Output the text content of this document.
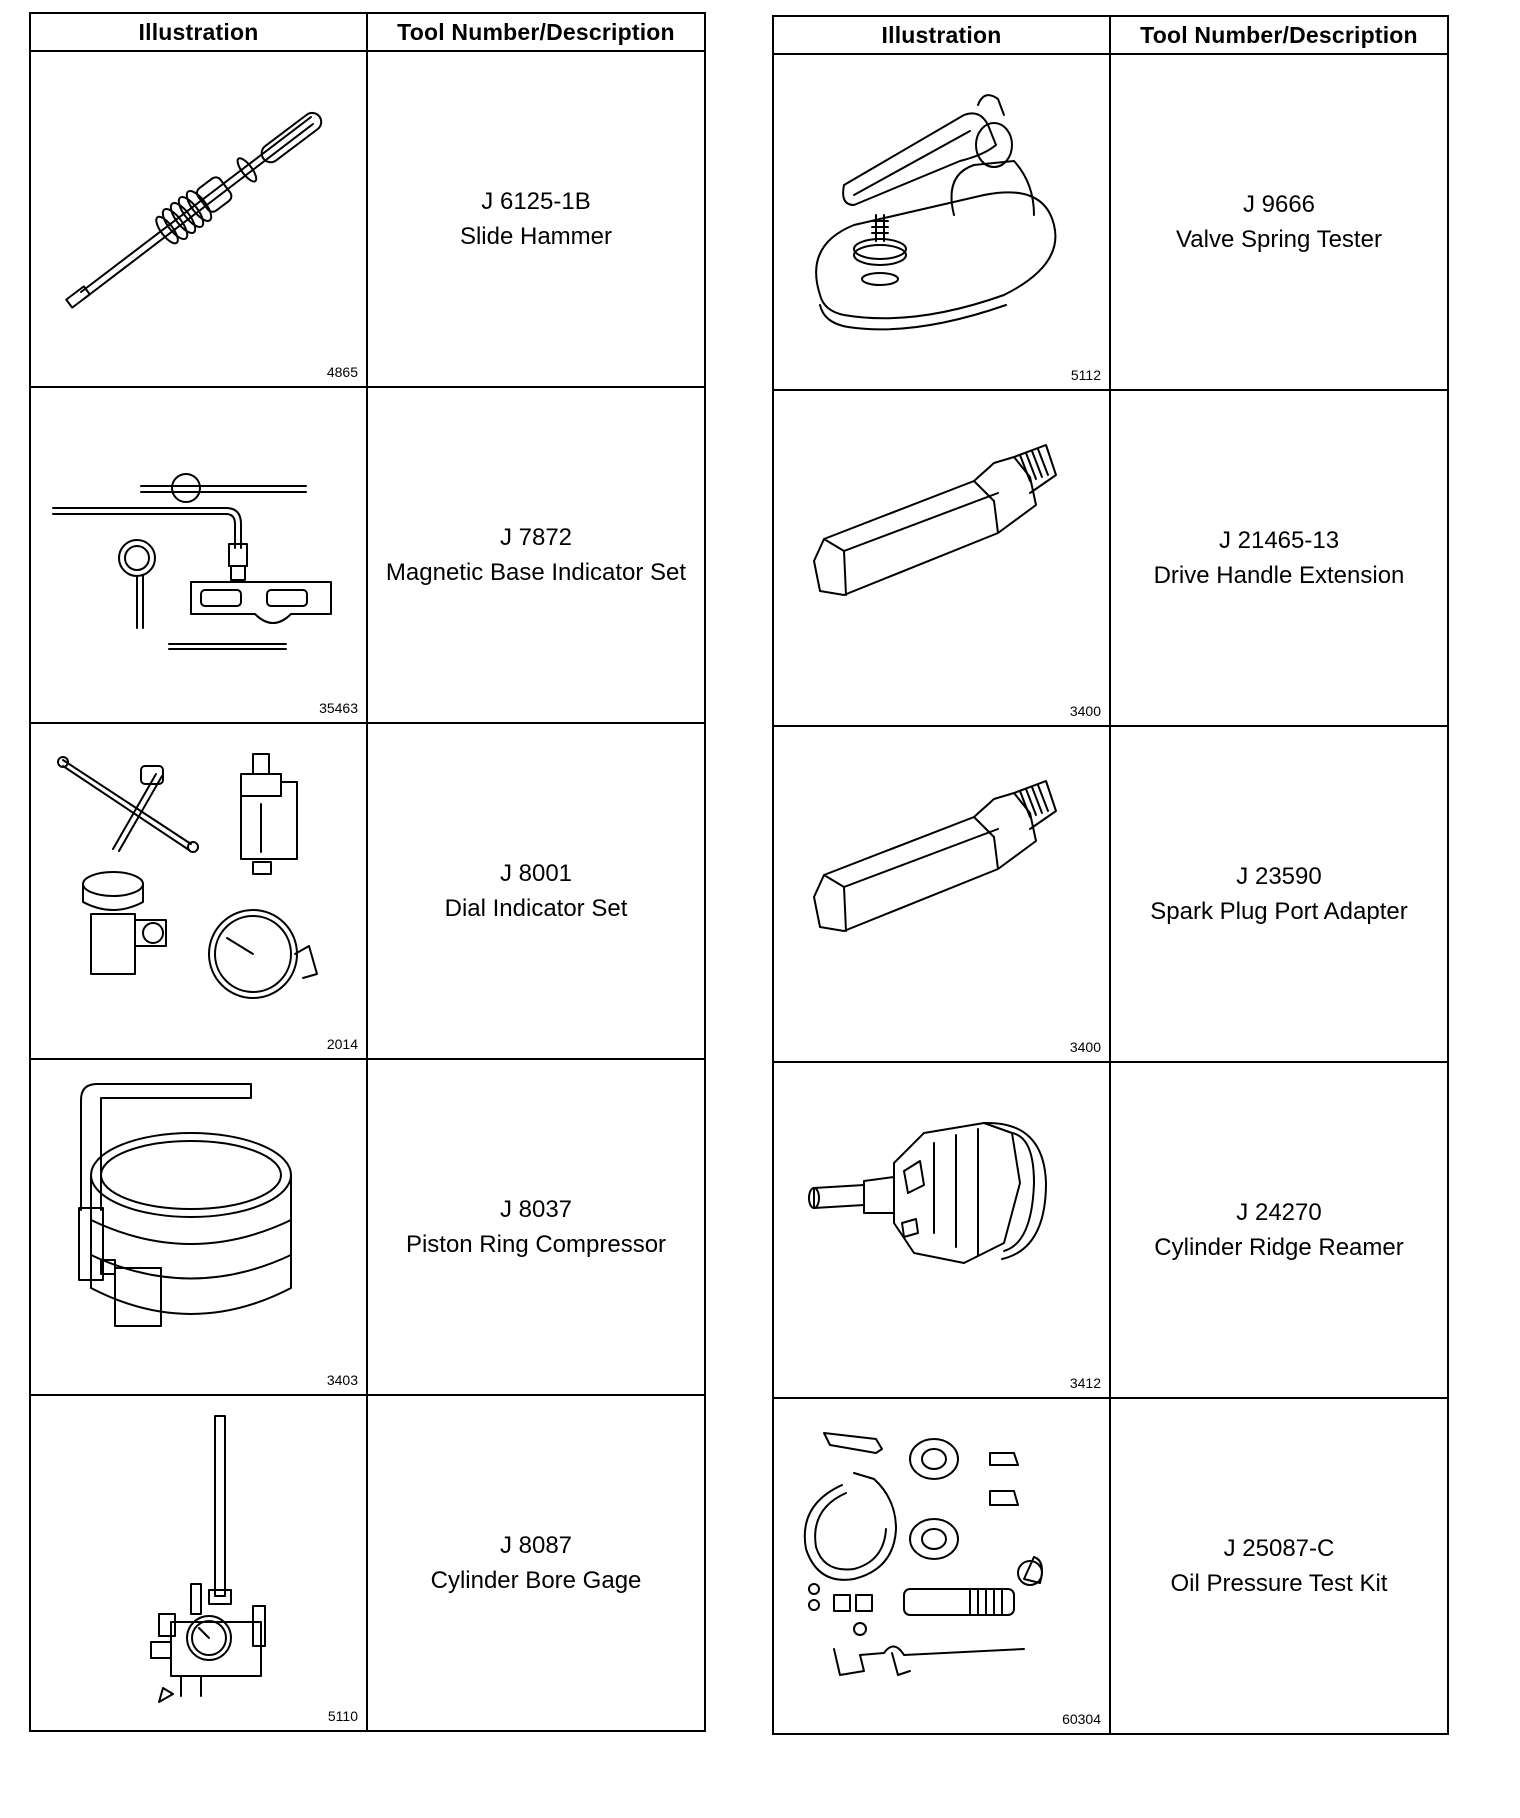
Illustration	Tool Number/Description

4865	J 6125-1B
Slide Hammer

35463	J 7872
Magnetic Base Indicator Set

2014	J 8001
Dial Indicator Set

3403	J 8037
Piston Ring Compressor

5110	J 8087
Cylinder Bore Gage
Illustration	Tool Number/Description

5112	J 9666
Valve Spring Tester

3400	J 21465-13
Drive Handle Extension

3400	J 23590
Spark Plug Port Adapter

3412	J 24270
Cylinder Ridge Reamer

60304	J 25087-C
Oil Pressure Test Kit
